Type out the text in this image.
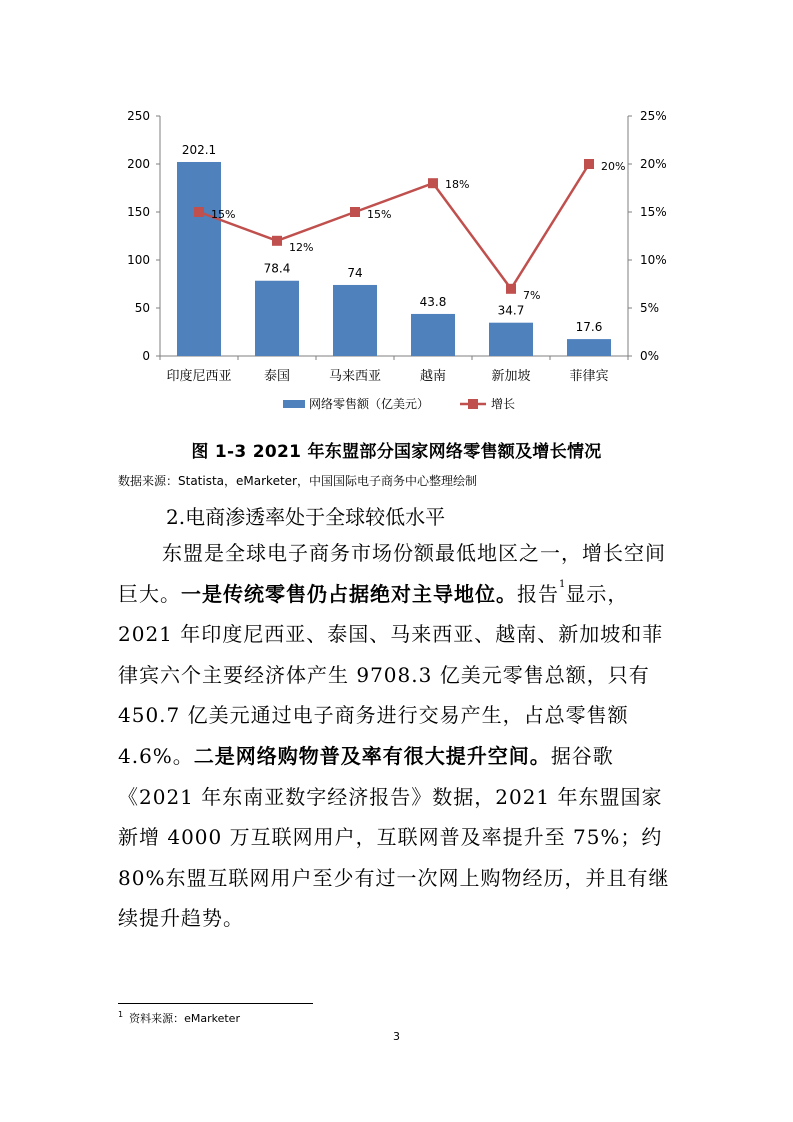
0
50
100
150
200
250
0%
5%
10%
15%
20%
25%
印度尼西亚 泰国	马来西亚	越南	新加坡	菲律宾
202.1
78.4	74
43.8
34.7
17.6
15%
12%
15%
18%
7%
20%
网络零售额（亿美元）	增长
图 1-3 2021 年东盟部分国家网络零售额及增长情况
数据来源：Statista，eMarketer，中国国际电子商务中心整理绘制
2.电商渗透率处于全球较低水平

东盟是全球电子商务市场份额最低地区之一，增长空间巨大。一是传统零售仍占据绝对主导地位。报告$^1$显示，2021 年印度尼西亚、泰国、马来西亚、越南、新加坡和菲律宾六个主要经济体产生 9708.3 亿美元零售总额，只有 450.7 亿美元通过电子商务进行交易产生，占总零售额 4.6%。二是网络购物普及率有很大提升空间。据谷歌《2021 年东南亚数字经济报告》数据，2021 年东盟国家新增 4000 万互联网用户，互联网普及率提升至 75%；约 80%东盟互联网用户至少有过一次网上购物经历，并且有继续提升趋势。

$^1$ 资料来源：eMarketer
3
